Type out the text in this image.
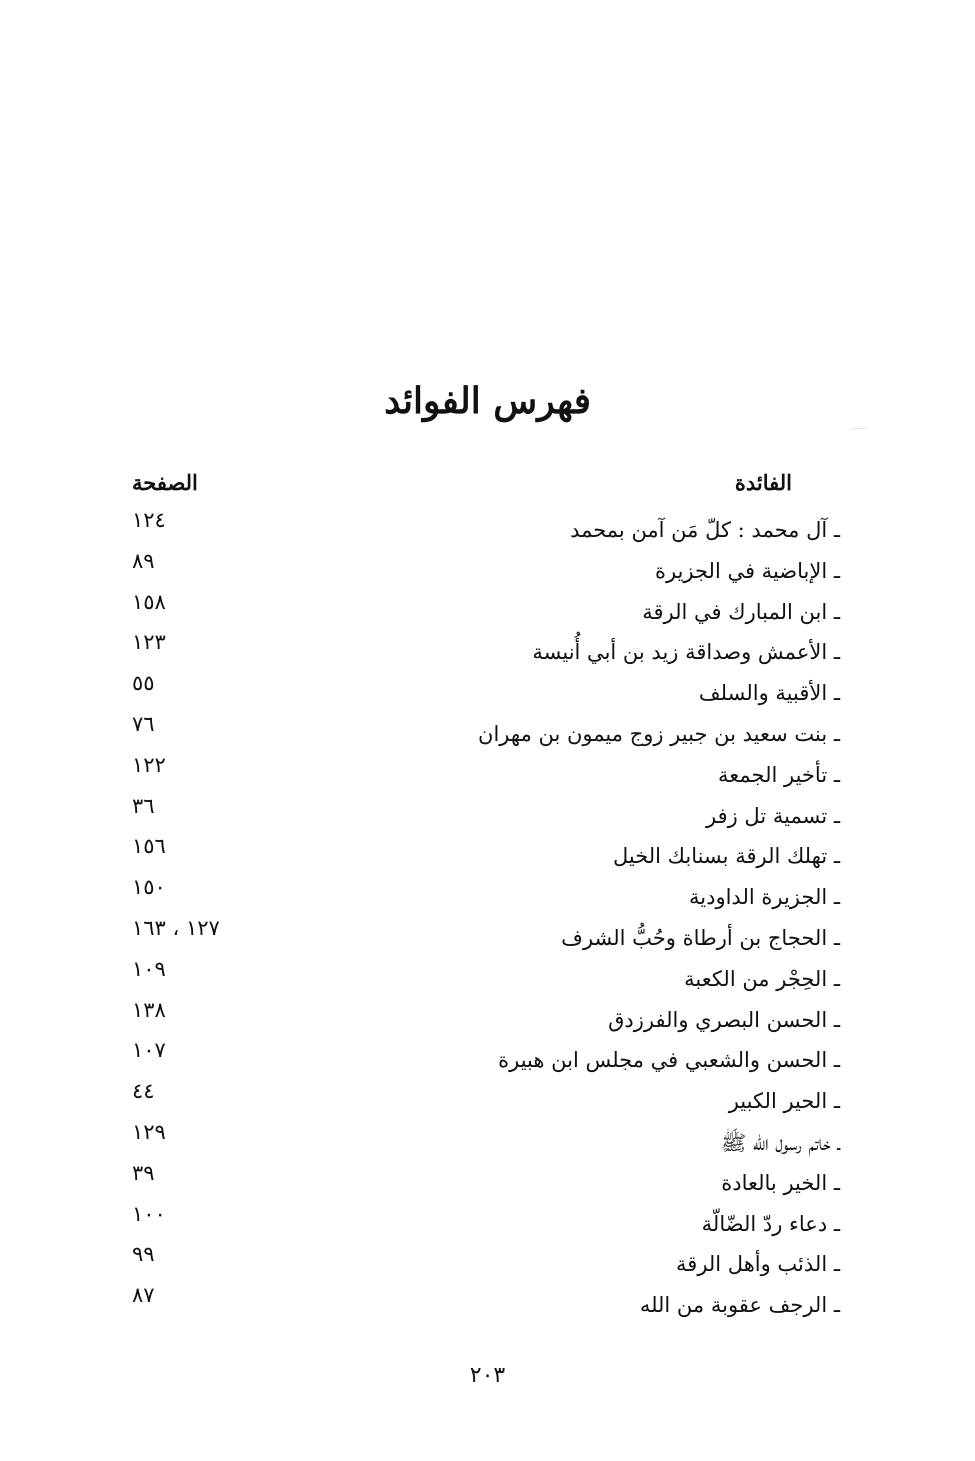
فهرس الفوائد
الفائدة
الصفحة
ـ آل محمد : كلّ مَن آمن بمحمد
١٢٤
ـ الإباضية في الجزيرة
٨٩
ـ ابن المبارك في الرقة
١٥٨
ـ الأعمش وصداقة زيد بن أبي أُنيسة
١٢٣
ـ الأقبية والسلف
٥٥
ـ بنت سعيد بن جبير زوج ميمون بن مهران
٧٦
ـ تأخير الجمعة
١٢٢
ـ تسمية تل زفر
٣٦
ـ تهلك الرقة بسنابك الخيل
١٥٦
ـ الجزيرة الداودية
١٥٠
ـ الحجاج بن أرطاة وحُبُّ الشرف
١٢٧ ، ١٦٣
ـ الحِجْر من الكعبة
١٠٩
ـ الحسن البصري والفرزدق
١٣٨
ـ الحسن والشعبي في مجلس ابن هبيرة
١٠٧
ـ الحير الكبير
٤٤
ـ خاتم رسول الله ﷺ
١٢٩
ـ الخير بالعادة
٣٩
ـ دعاء ردّ الضّالّة
١٠٠
ـ الذئب وأهل الرقة
٩٩
ـ الرجف عقوبة من الله
٨٧
٢٠٣
